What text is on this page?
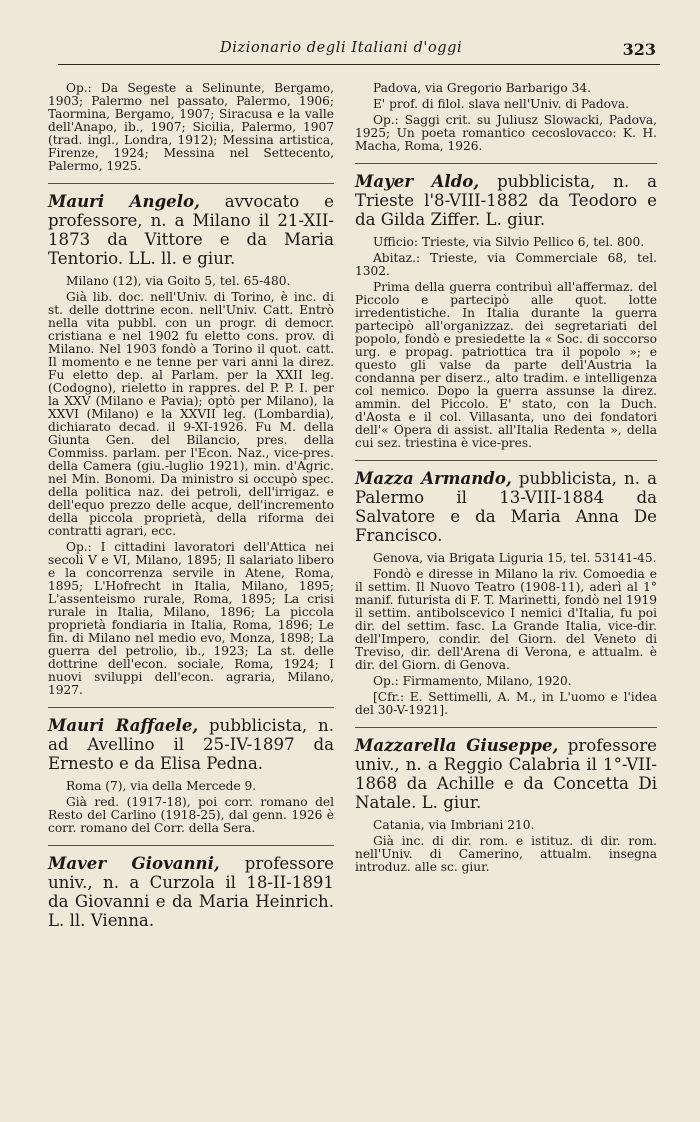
Dizionario degli Italiani d'oggi	323

Op.: Da Segeste a Selinunte, Bergamo, 1903; Palermo nel passato, Palermo, 1906; Taormina, Bergamo, 1907; Siracusa e la valle dell'Anapo, ib., 1907; Sicilia, Palermo, 1907 (trad. ingl., Londra, 1912); Messina artistica, Firenze, 1924; Messina nel Settecento, Palermo, 1925.

Mauri Angelo, avvocato e professore, n. a Milano il 21-XII-1873 da Vittore e da Maria Tentorio. LL. ll. e giur.

Milano (12), via Goito 5, tel. 65-480.

Già lib. doc. nell'Univ. di Torino, è inc. di st. delle dottrine econ. nell'Univ. Catt. Entrò nella vita pubbl. con un progr. di democr. cristiana e nel 1902 fu eletto cons. prov. di Milano. Nel 1903 fondò a Torino il quot. catt. Il momento e ne tenne per vari anni la direz. Fu eletto dep. al Parlam. per la XXII leg. (Codogno), rieletto in rappres. del P. P. I. per la XXV (Milano e Pavia); optò per Milano), la XXVI (Milano) e la XXVII leg. (Lombardia), dichiarato decad. il 9-XI-1926. Fu M. della Giunta Gen. del Bilancio, pres. della Commiss. parlam. per l'Econ. Naz., vice-pres. della Camera (giu.-luglio 1921), min. d'Agric. nel Min. Bonomi. Da ministro si occupò spec. della politica naz. dei petroli, dell'irrigaz. e dell'equo prezzo delle acque, dell'incremento della piccola proprietà, della riforma dei contratti agrari, ecc.

Op.: I cittadini lavoratori dell'Attica nei secoli V e VI, Milano, 1895; Il salariato libero e la concorrenza servile in Atene, Roma, 1895; L'Hofrecht in Italia, Milano, 1895; L'assenteismo rurale, Roma, 1895; La crisi rurale in Italia, Milano, 1896; La piccola proprietà fondiaria in Italia, Roma, 1896; Le fin. di Milano nel medio evo, Monza, 1898; La guerra del petrolio, ib., 1923; La st. delle dottrine dell'econ. sociale, Roma, 1924; I nuovi sviluppi dell'econ. agraria, Milano, 1927.

Mauri Raffaele, pubblicista, n. ad Avellino il 25-IV-1897 da Ernesto e da Elisa Pedna.

Roma (7), via della Mercede 9.

Già red. (1917-18), poi corr. romano del Resto del Carlino (1918-25), dal genn. 1926 è corr. romano del Corr. della Sera.

Maver Giovanni, professore univ., n. a Curzola il 18-II-1891 da Giovanni e da Maria Heinrich. L. ll. Vienna.

Padova, via Gregorio Barbarigo 34.

E' prof. di filol. slava nell'Univ. di Padova.

Op.: Saggi crit. su Juliusz Slowacki, Padova, 1925; Un poeta romantico cecoslovacco: K. H. Macha, Roma, 1926.

Mayer Aldo, pubblicista, n. a Trieste l'8-VIII-1882 da Teodoro e da Gilda Ziffer. L. giur.

Ufficio: Trieste, via Silvio Pellico 6, tel. 800.

Abitaz.: Trieste, via Commerciale 68, tel. 1302.

Prima della guerra contribuì all'affermaz. del Piccolo e partecipò alle quot. lotte irredentistiche. In Italia durante la guerra partecipò all'organizzaz. dei segretariati del popolo, fondò e presiedette la « Soc. di soccorso urg. e propag. patriottica tra il popolo »; e questo gli valse da parte dell'Austria la condanna per diserz., alto tradim. e intelligenza col nemico. Dopo la guerra assunse la direz. ammin. del Piccolo. E' stato, con la Duch. d'Aosta e il col. Villasanta, uno dei fondatori dell'« Opera di assist. all'Italia Redenta », della cui sez. triestina è vice-pres.

Mazza Armando, pubblicista, n. a Palermo il 13-VIII-1884 da Salvatore e da Maria Anna De Francisco.

Genova, via Brigata Liguria 15, tel. 53141-45.

Fondò e diresse in Milano la riv. Comoedia e il settim. Il Nuovo Teatro (1908-11), aderì al 1° manif. futurista di F. T. Marinetti, fondò nel 1919 il settim. antibolscevico I nemici d'Italia, fu poi dir. del settim. fasc. La Grande Italia, vice-dir. dell'Impero, condir. del Giorn. del Veneto di Treviso, dir. dell'Arena di Verona, e attualm. è dir. del Giorn. di Genova.

Op.: Firmamento, Milano, 1920.

[Cfr.: E. Settimelli, A. M., in L'uomo e l'idea del 30-V-1921].

Mazzarella Giuseppe, professore univ., n. a Reggio Calabria il 1°-VII-1868 da Achille e da Concetta Di Natale. L. giur.

Catania, via Imbriani 210.

Già inc. di dir. rom. e istituz. di dir. rom. nell'Univ. di Camerino, attualm. insegna introduz. alle sc. giur.
